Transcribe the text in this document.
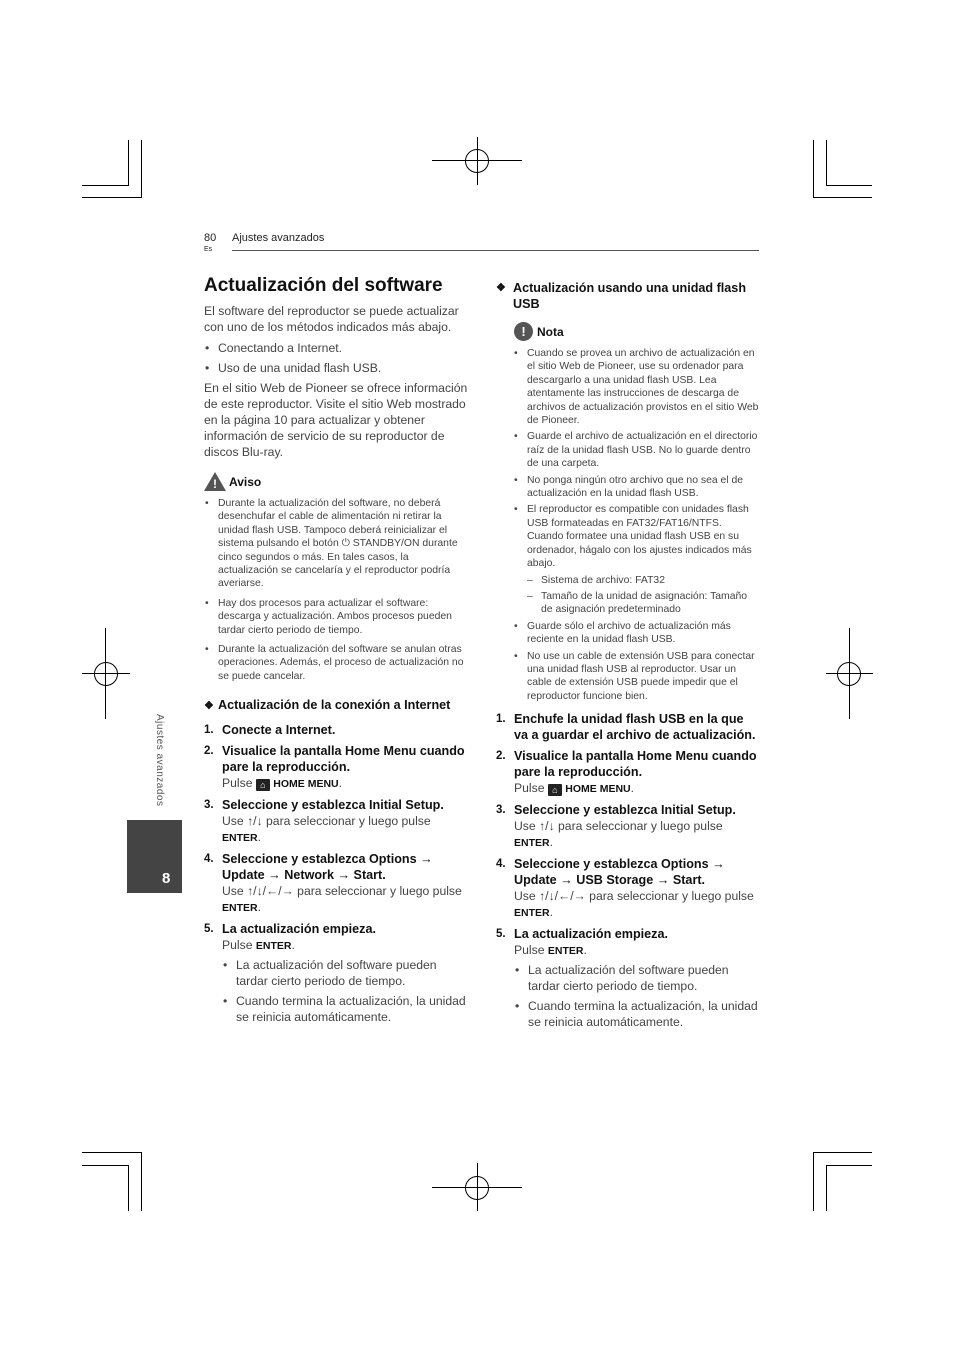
80
Es
Ajustes avanzados
Actualización del software

El software del reproductor se puede actualizar con uno de los métodos indicados más abajo.

• Conectando a Internet.
• Uso de una unidad flash USB.

En el sitio Web de Pioneer se ofrece información de este reproductor. Visite el sitio Web mostrado en la página 10 para actualizar y obtener información de servicio de su reproductor de discos Blu-ray.

! Aviso
• Durante la actualización del software, no deberá desenchufar el cable de alimentación ni retirar la unidad flash USB. Tampoco deberá reinicializar el sistema pulsando el botón ⏻ STANDBY/ON durante cinco segundos o más. En tales casos, la actualización se cancelaría y el reproductor podría averiarse.
• Hay dos procesos para actualizar el software: descarga y actualización. Ambos procesos pueden tardar cierto periodo de tiempo.
• Durante la actualización del software se anulan otras operaciones. Además, el proceso de actualización no se puede cancelar.
❖ Actualización de la conexión a Internet
1. Conecte a Internet.
2. Visualice la pantalla Home Menu cuando pare la reproducción.
Pulse ⌂ HOME MENU.
3. Seleccione y establezca Initial Setup.
Use ↑/↓ para seleccionar y luego pulse ENTER.
4. Seleccione y establezca Options → Update → Network → Start.
Use ↑/↓/←/→ para seleccionar y luego pulse ENTER.
5. La actualización empieza.
Pulse ENTER.
• La actualización del software pueden tardar cierto periodo de tiempo.
• Cuando termina la actualización, la unidad se reinicia automáticamente.
❖ Actualización usando una unidad flash USB
! Nota
• Cuando se provea un archivo de actualización en el sitio Web de Pioneer, use su ordenador para descargarlo a una unidad flash USB. Lea atentamente las instrucciones de descarga de archivos de actualización provistos en el sitio Web de Pioneer.
• Guarde el archivo de actualización en el directorio raíz de la unidad flash USB. No lo guarde dentro de una carpeta.
• No ponga ningún otro archivo que no sea el de actualización en la unidad flash USB.
• El reproductor es compatible con unidades flash USB formateadas en FAT32/FAT16/NTFS. Cuando formatee una unidad flash USB en su ordenador, hágalo con los ajustes indicados más abajo.
– Sistema de archivo: FAT32
– Tamaño de la unidad de asignación: Tamaño de asignación predeterminado
• Guarde sólo el archivo de actualización más reciente en la unidad flash USB.
• No use un cable de extensión USB para conectar una unidad flash USB al reproductor. Usar un cable de extensión USB puede impedir que el reproductor funcione bien.
1. Enchufe la unidad flash USB en la que va a guardar el archivo de actualización.
2. Visualice la pantalla Home Menu cuando pare la reproducción.
Pulse ⌂ HOME MENU.
3. Seleccione y establezca Initial Setup.
Use ↑/↓ para seleccionar y luego pulse ENTER.
4. Seleccione y establezca Options → Update → USB Storage → Start.
Use ↑/↓/←/→ para seleccionar y luego pulse ENTER.
5. La actualización empieza.
Pulse ENTER.
• La actualización del software pueden tardar cierto periodo de tiempo.
• Cuando termina la actualización, la unidad se reinicia automáticamente.
Ajustes avanzados
8
